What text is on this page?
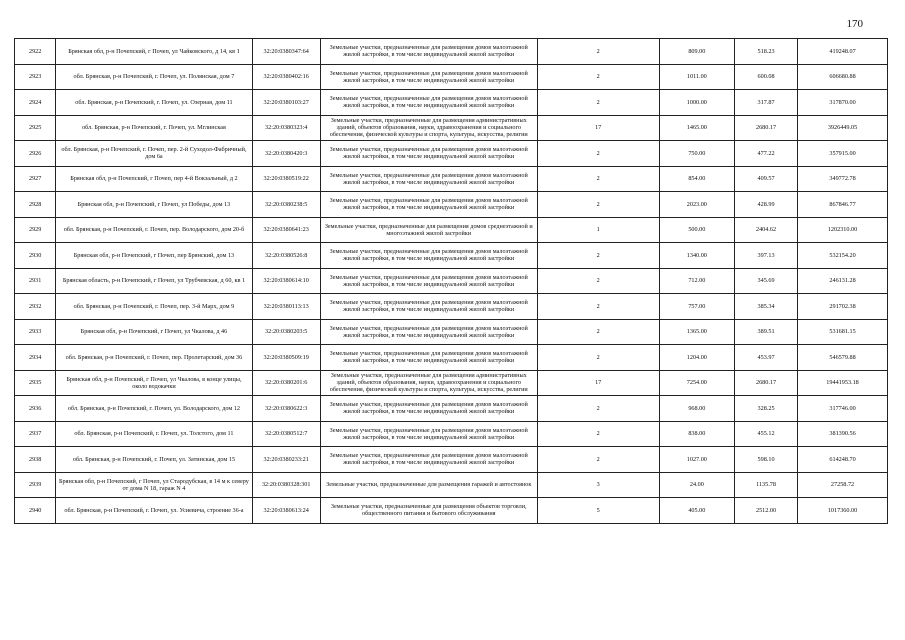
170
2922	Брянская обл, р-н Почепский, г Почеп, ул Чайковского, д 14, кв 1	32:20:0380347:64	Земельные участки, предназначенные для размещения домов малоэтажной жилой застройки, в том числе индивидуальной жилой застройки	2	809.00	518.23	419248.07
2923	обл. Брянская, р-н Почепский, г. Почеп, ул. Полянская, дом 7	32:20:0380402:16	Земельные участки, предназначенные для размещения домов малоэтажной жилой застройки, в том числе индивидуальной жилой застройки	2	1011.00	600.08	606680.88
2924	обл. Брянская, р-н Почепский, г. Почеп, ул. Озерная, дом 11	32:20:0380103:27	Земельные участки, предназначенные для размещения домов малоэтажной жилой застройки, в том числе индивидуальной жилой застройки	2	1000.00	317.87	317870.00
2925	обл. Брянская, р-н Почепский, г. Почеп, ул. Мглинская	32:20:0380323:4	Земельные участки, предназначенные для размещения административных зданий, объектов образования, науки, здравоохранения и социального обеспечения, физической культуры и спорта, культуры, искусства, религии	17	1465.00	2680.17	3926449.05
2926	обл. Брянская, р-н Почепский, г. Почеп, пер. 2-й Суходол-Фабричный, дом 6а	32:20:0380420:3	Земельные участки, предназначенные для размещения домов малоэтажной жилой застройки, в том числе индивидуальной жилой застройки	2	750.00	477.22	357915.00
2927	Брянская обл, р-н Почепский, г Почеп, пер 4-й Вокзальный, д 2	32:20:0380519:22	Земельные участки, предназначенные для размещения домов малоэтажной жилой застройки, в том числе индивидуальной жилой застройки	2	854.00	409.57	349772.78
2928	Брянская обл, р-н Почепский, г Почеп, ул Победы, дом 13	32:20:0380238:5	Земельные участки, предназначенные для размещения домов малоэтажной жилой застройки, в том числе индивидуальной жилой застройки	2	2023.00	428.99	867846.77
2929	обл. Брянская, р-н Почепский, г. Почеп, пер. Володарского, дом 20-б	32:20:0380641:23	Земельные участки, предназначенные для размещения домов среднеэтажной и многоэтажной жилой застройки	1	500.00	2404.62	1202310.00
2930	Брянская обл, р-н Почепский, г Почеп, пер Брянский, дом 13	32:20:0380526:8	Земельные участки, предназначенные для размещения домов малоэтажной жилой застройки, в том числе индивидуальной жилой застройки	2	1340.00	397.13	532154.20
2931	Брянская область, р-н Почепский, г Почеп, ул Трубчевская, д 60, кв 1	32:20:0380614:10	Земельные участки, предназначенные для размещения домов малоэтажной жилой застройки, в том числе индивидуальной жилой застройки	2	712.00	345.69	246131.28
2932	обл. Брянская, р-н Почепский, г. Почеп, пер. 3-й Марх, дом 9	32:20:0380113:13	Земельные участки, предназначенные для размещения домов малоэтажной жилой застройки, в том числе индивидуальной жилой застройки	2	757.00	385.34	291702.38
2933	Брянская обл, р-н Почепский, г Почеп, ул Чкалова, д 46	32:20:0380203:5	Земельные участки, предназначенные для размещения домов малоэтажной жилой застройки, в том числе индивидуальной жилой застройки	2	1365.00	389.51	531681.15
2934	обл. Брянская, р-н Почепский, г. Почеп, пер. Пролетарский, дом 36	32:20:0380509:19	Земельные участки, предназначенные для размещения домов малоэтажной жилой застройки, в том числе индивидуальной жилой застройки	2	1204.00	453.97	546579.88
2935	Брянская обл, р-н Почепский, г Почеп, ул Чкалова, в конце улицы, около водокачки	32:20:0380201:6	Земельные участки, предназначенные для размещения административных зданий, объектов образования, науки, здравоохранения и социального обеспечения, физической культуры и спорта, культуры, искусства, религии	17	7254.00	2680.17	19441953.18
2936	обл. Брянская, р-н Почепский, г. Почеп, ул. Володарского, дом 12	32:20:0380622:3	Земельные участки, предназначенные для размещения домов малоэтажной жилой застройки, в том числе индивидуальной жилой застройки	2	968.00	328.25	317746.00
2937	обл. Брянская, р-н Почепский, г. Почеп, ул. Толстого, дом 11	32:20:0380512:7	Земельные участки, предназначенные для размещения домов малоэтажной жилой застройки, в том числе индивидуальной жилой застройки	2	838.00	455.12	381390.56
2938	обл. Брянская, р-н Почепский, г. Почеп, ул. Затинская, дом 15	32:20:0380233:21	Земельные участки, предназначенные для размещения домов малоэтажной жилой застройки, в том числе индивидуальной жилой застройки	2	1027.00	598.10	614248.70
2939	Брянская обл, р-н Почепский, г Почеп, ул Стародубская, в 14 м к северу от дома N 18, гараж N 4	32:20:0380328:301	Земельные участки, предназначенные для размещения гаражей и автостоянок	3	24.00	1135.78	27258.72
2940	обл. Брянская, р-н Почепский, г. Почеп, ул. Усиевича, строение 36-а	32:20:0380613:24	Земельные участки, предназначенные для размещения объектов торговли, общественного питания и бытового обслуживания	5	405.00	2512.00	1017360.00
